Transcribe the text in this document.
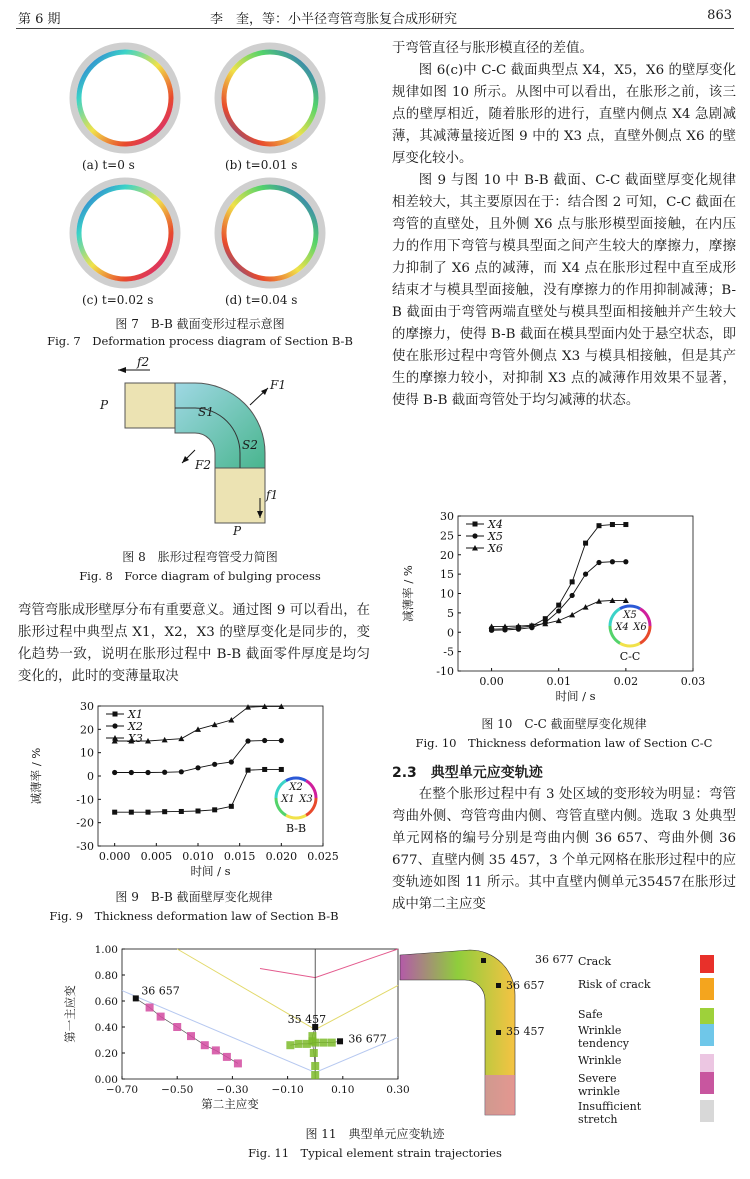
第 6 期	李　奎，等：小半径弯管弯胀复合成形研究	863
(a) t=0 s	(b) t=0.01 s
(c) t=0.02 s	(d) t=0.04 s
图 7　B-B 截面变形过程示意图
Fig. 7　Deformation process diagram of Section B-B
f2
P
F1
S1
S2
F2
f1
P
图 8　胀形过程弯管受力简图
Fig. 8　Force diagram of bulging process

弯管弯胀成形壁厚分布有重要意义。通过图 9 可以看出，在胀形过程中典型点 X1，X2，X3 的壁厚变化是同步的，变化趋势一致，说明在胀形过程中 B-B 截面零件厚度是均匀变化的，此时的变薄量取决

于弯管直径与胀形模直径的差值。

图 6(c)中 C-C 截面典型点 X4，X5，X6 的壁厚变化规律如图 10 所示。从图中可以看出，在胀形之前，该三点的壁厚相近，随着胀形的进行，直壁内侧点 X4 急剧减薄，其减薄量接近图 9 中的 X3 点，直壁外侧点 X6 的壁厚变化较小。

图 9 与图 10 中 B-B 截面、C-C 截面壁厚变化规律相差较大，其主要原因在于：结合图 2 可知，C-C 截面在弯管的直壁处，且外侧 X6 点与胀形模型面接触，在内压力的作用下弯管与模具型面之间产生较大的摩擦力，摩擦力抑制了 X6 点的减薄，而 X4 点在胀形过程中直至成形结束才与模具型面接触，没有摩擦力的作用抑制减薄；B-B 截面由于弯管两端直壁处与模具型面相接触并产生较大的摩擦力，使得 B-B 截面在模具型面内处于悬空状态，即使在胀形过程中弯管外侧点 X3 与模具相接触，但是其产生的摩擦力较小，对抑制 X3 点的减薄作用效果不显著，使得 B-B 截面弯管处于均匀减薄的状态。

-30
-20
-10
0
10
20
30
0.000 0.005 0.010 0.015 0.020 0.025
时间 / s
减薄率 / %
X1
X2
X3
X1
X2
X3
B-B
图 9　B-B 截面壁厚变化规律
Fig. 9　Thickness deformation law of Section B-B
-10
-5
0
5
10
15
20
25
30
0.00	0.01	0.02	0.03
时间 / s
减薄率 / %
X4
X5
X6
X4
X5
X6
C-C
图 10　C-C 截面壁厚变化规律
Fig. 10　Thickness deformation law of Section C-C
2.3　典型单元应变轨迹

在整个胀形过程中有 3 处区域的变形较为明显：弯管弯曲外侧、弯管弯曲内侧、弯管直壁内侧。选取 3 处典型单元网格的编号分别是弯曲内侧 36 657、弯曲外侧 36 677、直壁内侧 35 457，3 个单元网格在胀形过程中的应变轨迹如图 11 所示。其中直壁内侧单元35457在胀形过成中第二主应变

0.00
0.20
0.40
0.60
0.80
1.00
−0.70 −0.50 −0.30 −0.10	0.10	0.30
第二主应变
第一主应变	36 657
35 457
36 677
36 677
36 657
35 457
Crack
Risk of crack
Safe
Wrinkle tendency
Wrinkle
Severe wrinkle
Insufficient stretch
图 11　典型单元应变轨迹
Fig. 11　Typical element strain trajectories
